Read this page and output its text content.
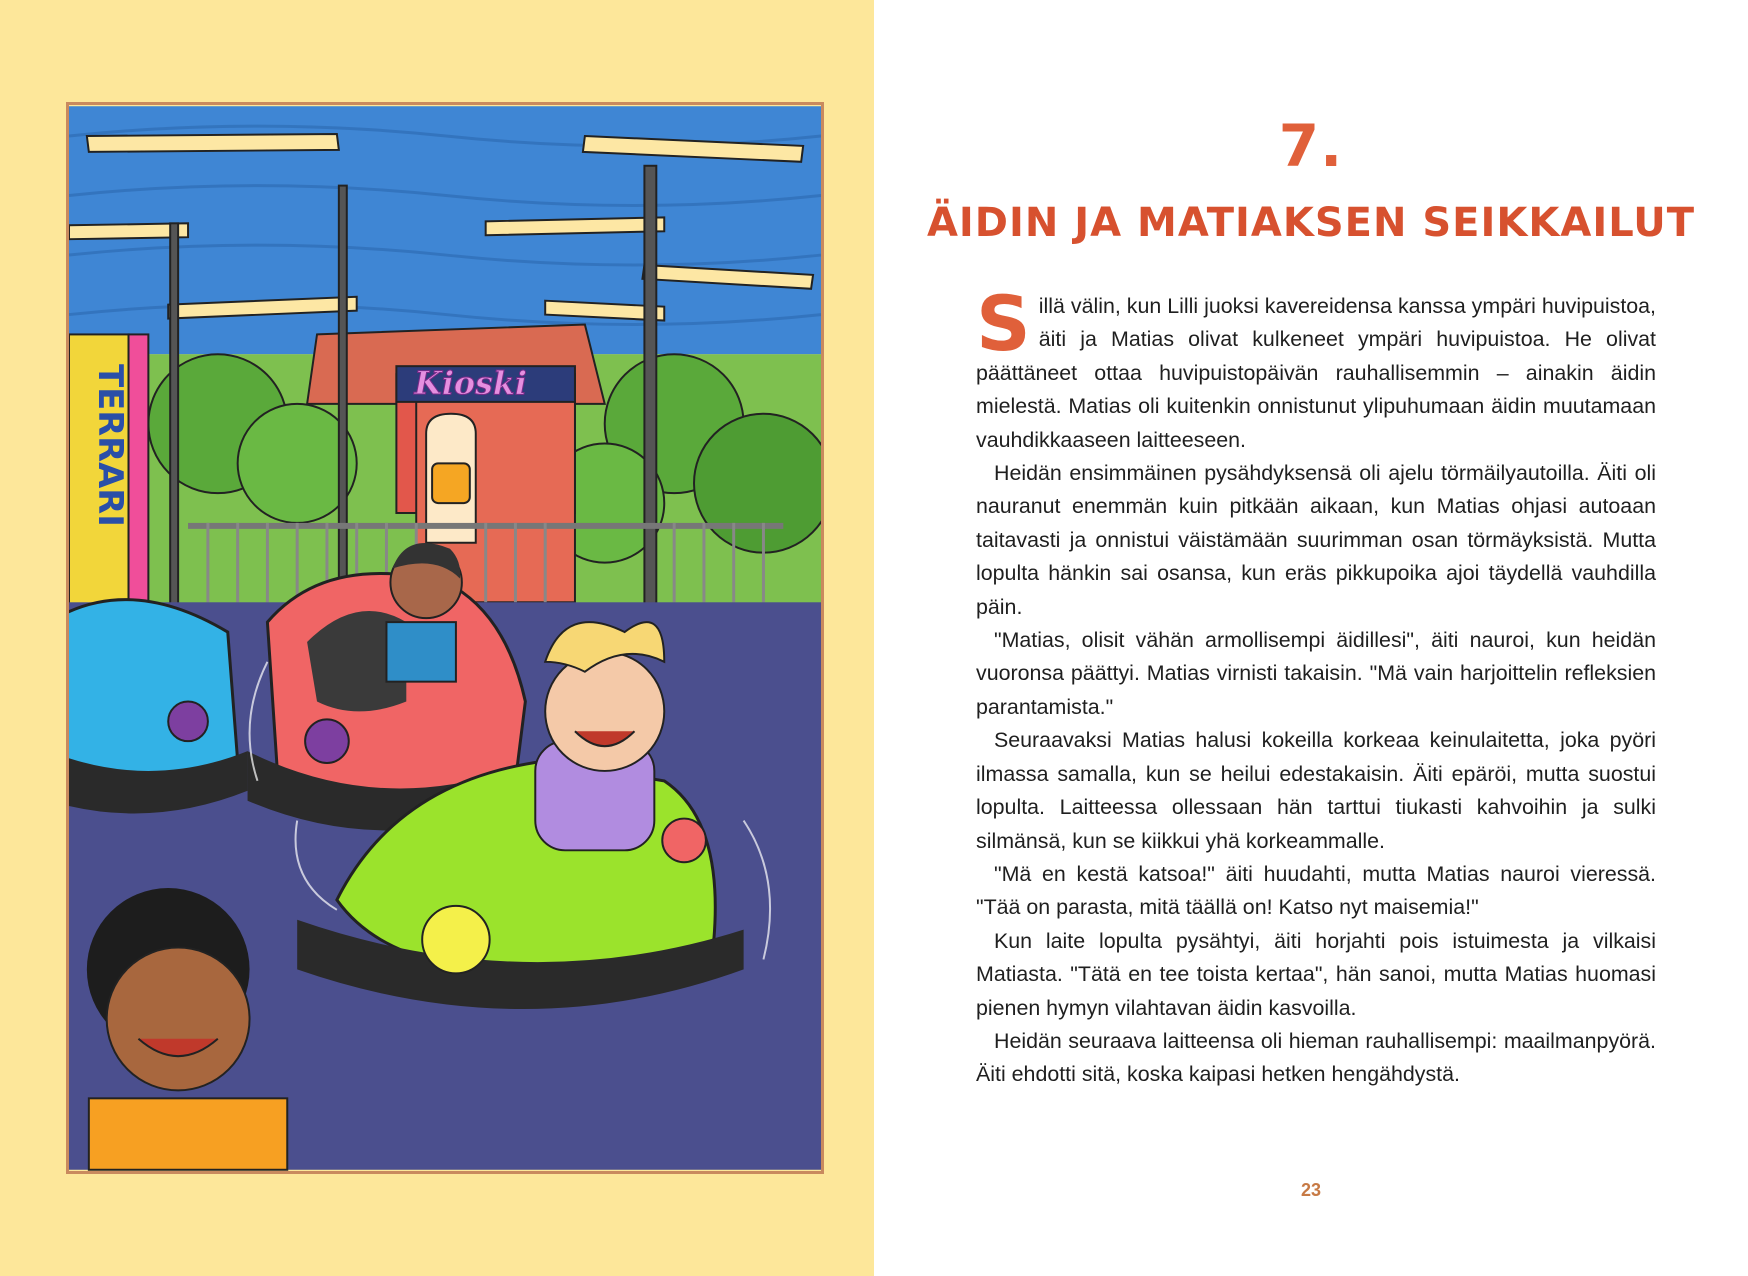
TERRARI	Kioski
7.
ÄIDIN JA MATIAKSEN SEIKKAILUT

Sillä välin, kun Lilli juoksi kavereidensa kanssa ympäri huvipuistoa, äiti ja Matias olivat kulkeneet ympäri huvipuistoa. He olivat päättäneet ottaa huvipuistopäivän rauhallisemmin – ainakin äidin mielestä. Matias oli kuitenkin onnistunut ylipuhumaan äidin muutamaan vauhdikkaaseen laitteeseen.

Heidän ensimmäinen pysähdyksensä oli ajelu törmäilyautoilla. Äiti oli nauranut enemmän kuin pitkään aikaan, kun Matias ohjasi autoaan taitavasti ja onnistui väistämään suurimman osan törmäyksistä. Mutta lopulta hänkin sai osansa, kun eräs pikkupoika ajoi täydellä vauhdilla päin.

"Matias, olisit vähän armollisempi äidillesi", äiti nauroi, kun heidän vuoronsa päättyi. Matias virnisti takaisin. "Mä vain harjoittelin refleksien parantamista."

Seuraavaksi Matias halusi kokeilla korkeaa keinulaitetta, joka pyöri ilmassa samalla, kun se heilui edestakaisin. Äiti epäröi, mutta suostui lopulta. Laitteessa ollessaan hän tarttui tiukasti kahvoihin ja sulki silmänsä, kun se kiikkui yhä korkeammalle.

"Mä en kestä katsoa!" äiti huudahti, mutta Matias nauroi vieressä. "Tää on parasta, mitä täällä on! Katso nyt maisemia!"

Kun laite lopulta pysähtyi, äiti horjahti pois istuimesta ja vilkaisi Matiasta. "Tätä en tee toista kertaa", hän sanoi, mutta Matias huomasi pienen hymyn vilahtavan äidin kasvoilla.

Heidän seuraava laitteensa oli hieman rauhallisempi: maailmanpyörä. Äiti ehdotti sitä, koska kaipasi hetken hengähdystä.

23
